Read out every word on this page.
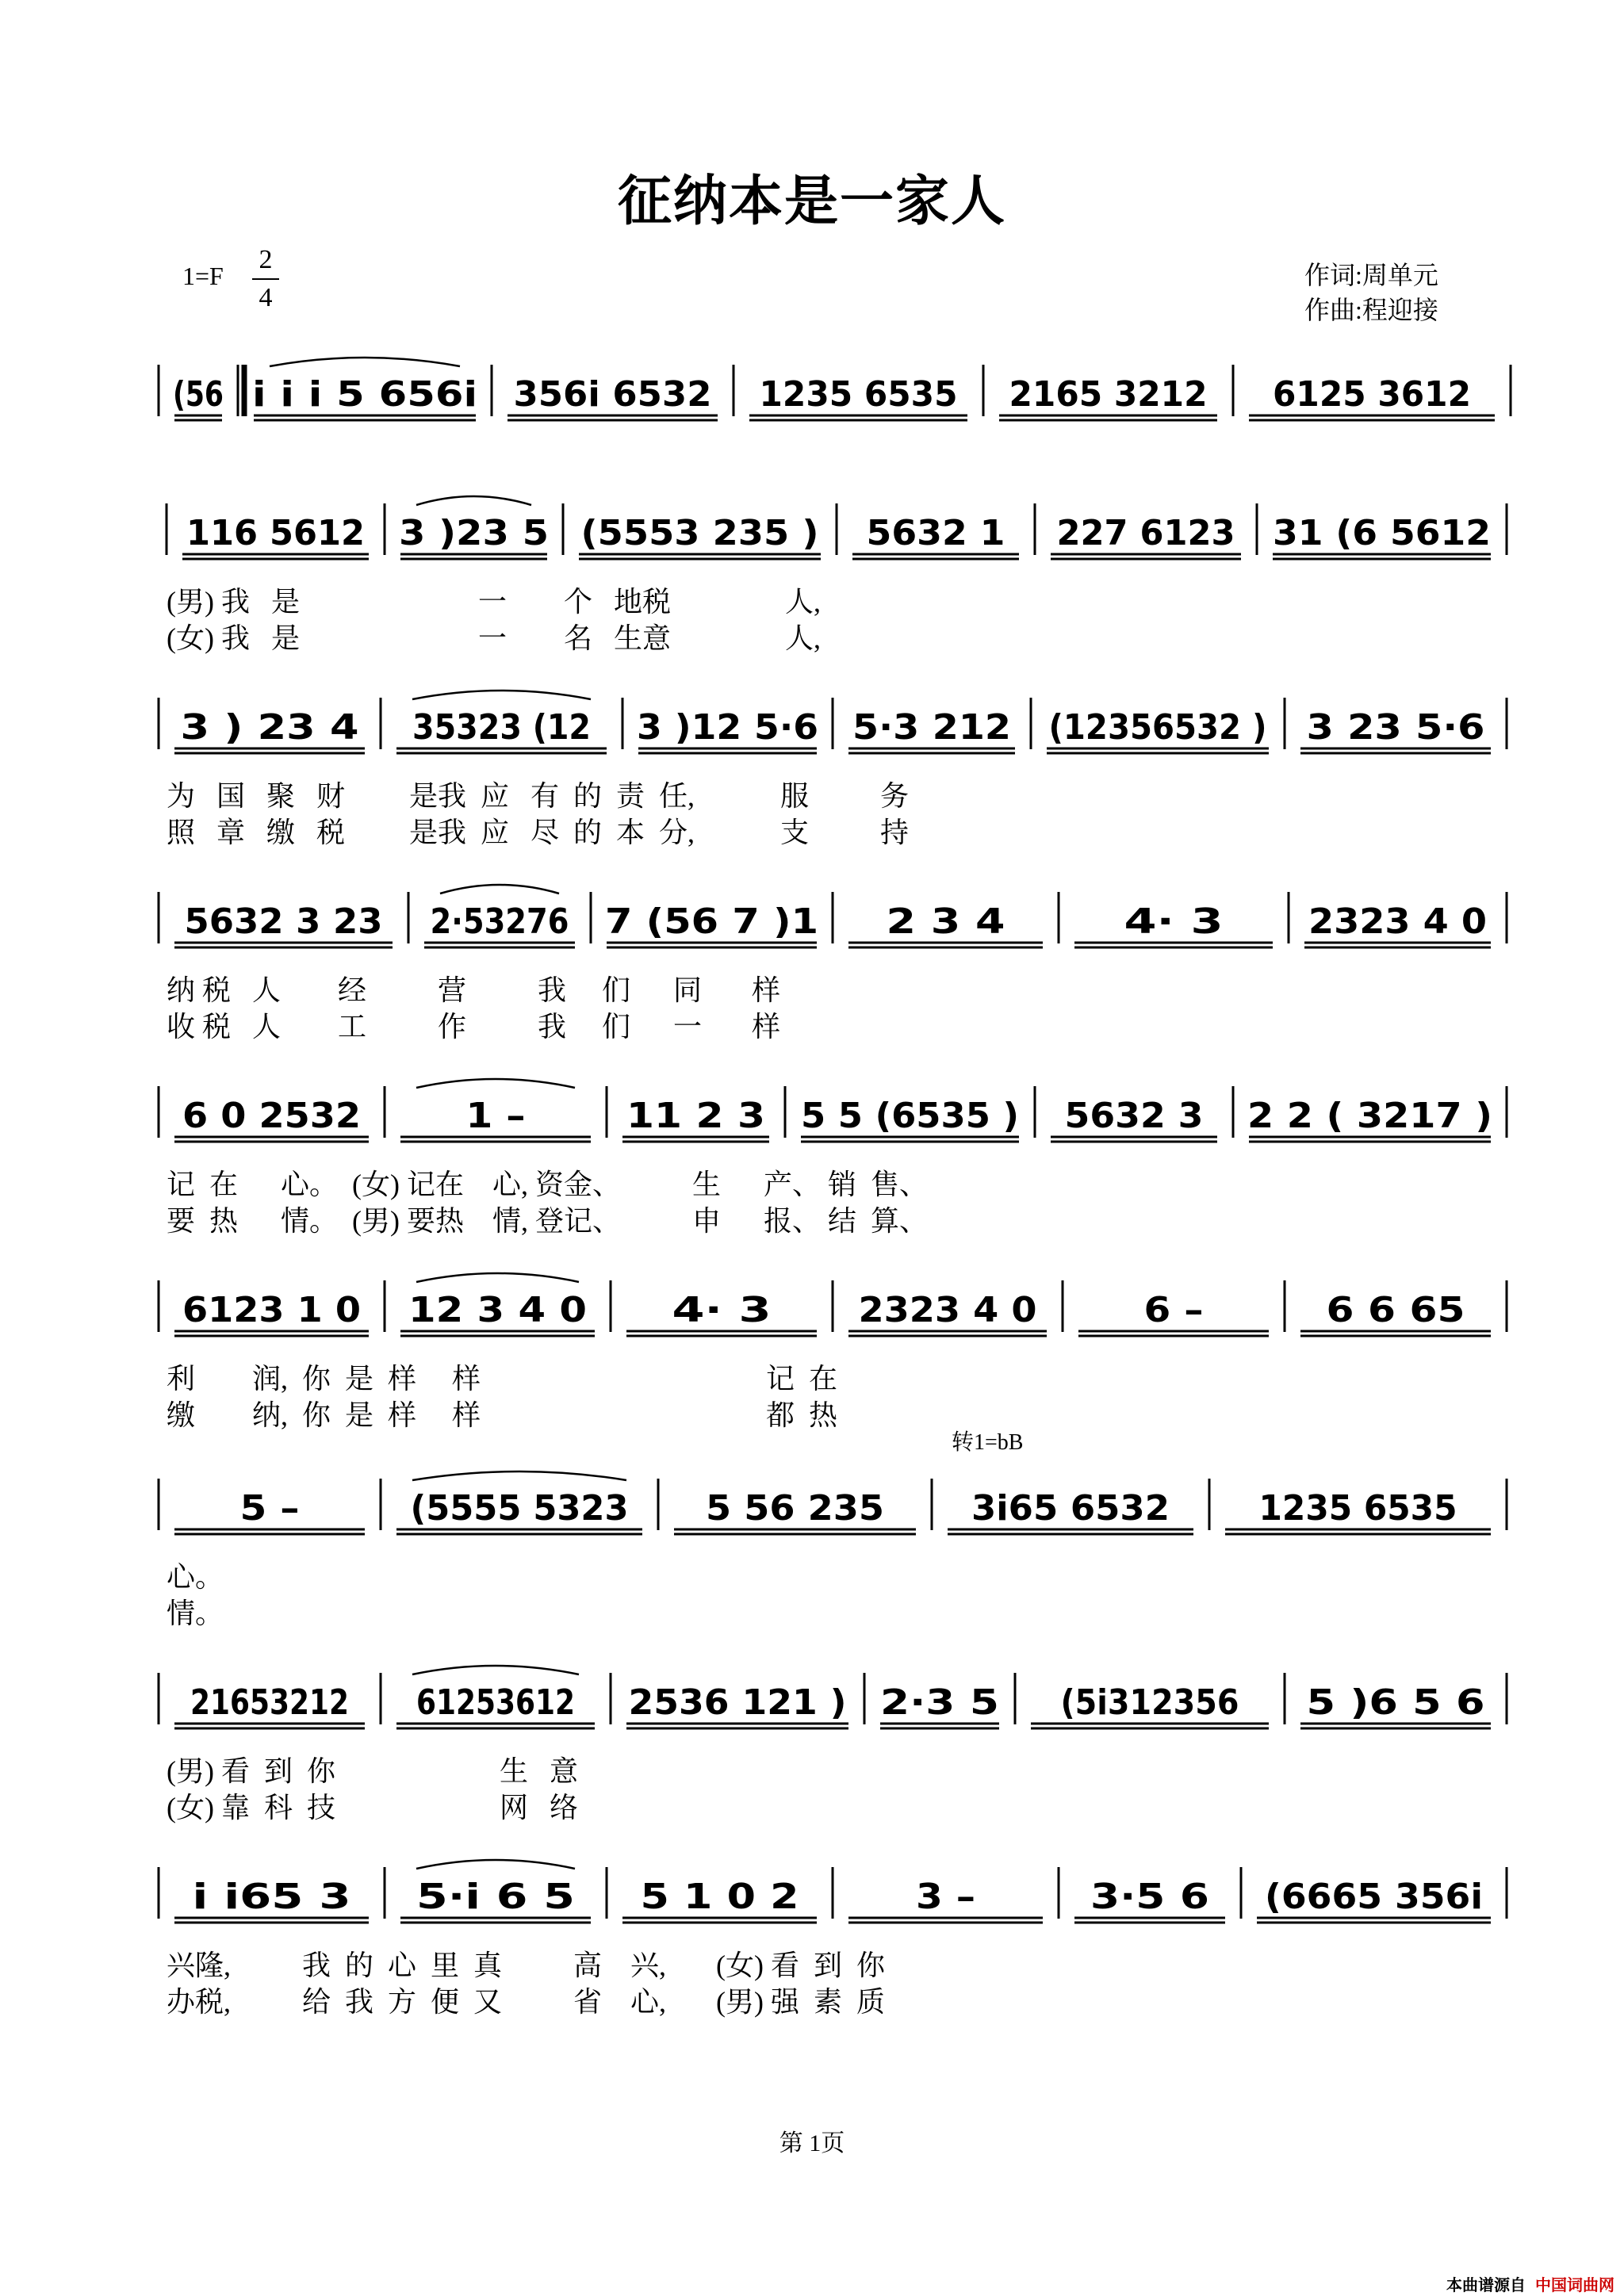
征纳本是一家人
1=F
2
4
作词:周单元
作曲:程迎接
(56 i i i 5 656i 356i 6532 1235 6535 2165 3212 6125 3612
116 5612 3 )23 5 (5553 235 ) 5632 1 227 6123 31 (6 5612
(男) 我   是                         一        个   地税                人,
(女) 我   是                         一        名   生意                人,
3 ) 23 4 35323 (12 3 )12 5·6 5·3 212 (12356532 ) 3 23 5·6
为   国   聚   财         是我  应   有  的  责  任,            服          务
照   章   缴   税         是我  应   尽  的  本  分,            支          持
5632 3 23 2·53276 7 (56 7 )1 2 3 4	4· 3 2323 4 0
纳 税   人        经          营          我     们      同       样
收 税   人        工          作          我     们      一       样
6 0 2532	1 –	11 2 3 5 5 (6535 ) 5632 3 2 2 ( 3217 )
记  在      心。  (女) 记在    心, 资金、          生      产、 销  售、
要  热      情。  (男) 要热    情, 登记、          申      报、 结  算、
6123 1 0 12 3 4 0 4· 3	2323 4 0	6 –	6 6 65
利        润,  你  是  样     样                                        记  在
缴        纳,  你  是  样     样                                        都  热
5 –	(5555 5323 5 56 235	3i65 6532	1235 6535
心。
情。
转1=bB
21653212 61253612 2536 121 ) 2·3 5 (5i312356 5 )6 5 6
(男) 看  到  你                       生   意
(女) 靠  科  技                       网   络
i i65 3 5·i 6 5 5 1 0 2	3 –	3·5 6 (6665 356i
兴隆,          我  的  心  里  真          高    兴,       (女) 看  到  你
办税,          给  我  方  便  又          省    心,       (男) 强  素  质
第 1页
本曲谱源自 中国词曲网
